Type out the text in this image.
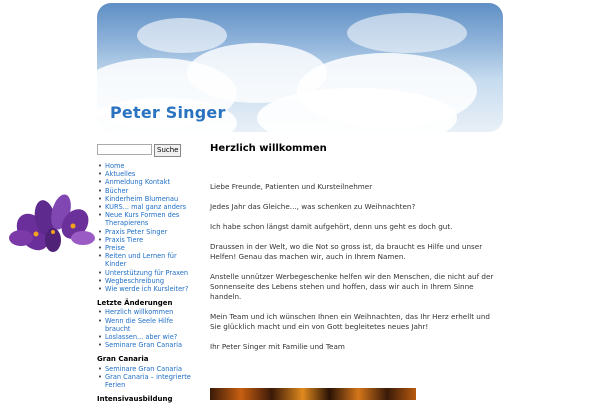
Peter Singer
Suche
• Home
• Aktuelles
• Anmeldung Kontakt
• Bücher
• Kinderheim Blumenau
• KURS... mal ganz anders
• Neue Kurs Formen des Therapierens
• Praxis Peter Singer
• Praxis Tiere
• Preise
• Reiten und Lernen für Kinder
• Unterstützung für Praxen
• Wegbeschreibung
• Wie werde ich Kursleiter?
Letzte Änderungen
• Herzlich willkommen
• Wenn die Seele Hilfe braucht
• Loslassen... aber wie?
• Seminare Gran Canaria
Gran Canaria
• Seminare Gran Canaria
• Gran Canaria – integrierte Ferien
Intensivausbildung
Herzlich willkommen

Liebe Freunde, Patienten und Kursteilnehmer

Jedes Jahr das Gleiche..., was schenken zu Weihnachten?

Ich habe schon längst damit aufgehört, denn uns geht es doch gut.

Draussen in der Welt, wo die Not so gross ist, da braucht es Hilfe und unser Helfen! Genau das machen wir, auch in Ihrem Namen.

Anstelle unnützer Werbegeschenke helfen wir den Menschen, die nicht auf der Sonnenseite des Lebens stehen und hoffen, dass wir auch in Ihrem Sinne handeln.

Mein Team und ich wünschen Ihnen ein Weihnachten, das Ihr Herz erhellt und Sie glücklich macht und ein von Gott begleitetes neues Jahr!

Ihr Peter Singer mit Familie und Team
